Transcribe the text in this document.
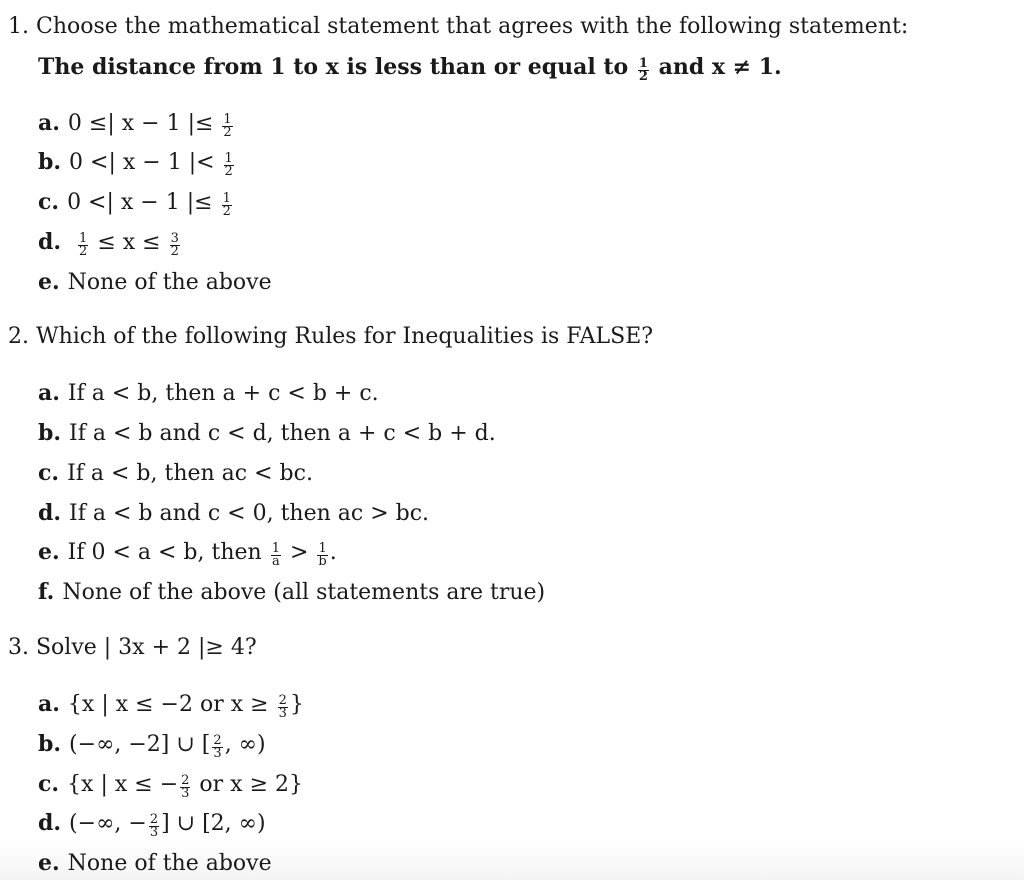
1. Choose the mathematical statement that agrees with the following statement:
The distance from 1 to x is less than or equal to $\frac{1}{2}$ and x ≠ 1.
a. 0 ≤| x − 1 |≤ $\frac{1}{2}$
b. 0 <| x − 1 |< $\frac{1}{2}$
c. 0 <| x − 1 |≤ $\frac{1}{2}$
d. $\frac{1}{2} \le x \le \frac{3}{2}$
e. None of the above
2. Which of the following Rules for Inequalities is FALSE?
a. If a < b, then a + c < b + c.
b. If a < b and c < d, then a + c < b + d.
c. If a < b, then ac < bc.
d. If a < b and c < 0, then ac > bc.
e. If 0 < a < b, then $\frac{1}{a} > \frac{1}{b}$ .
f. None of the above (all statements are true)
3. Solve | 3x + 2 |≥ 4?
a. {x | x ≤ −2 or $x \ge \frac{2}{3}$ }
b. (−∞, −2] ∪ [ $\frac{2}{3}$ , ∞)
c. {x | x ≤ − $\frac{2}{3}$ or x ≥ 2}
d. (−∞, − $\frac{2}{3}$ ] ∪ [2, ∞)
e. None of the above
